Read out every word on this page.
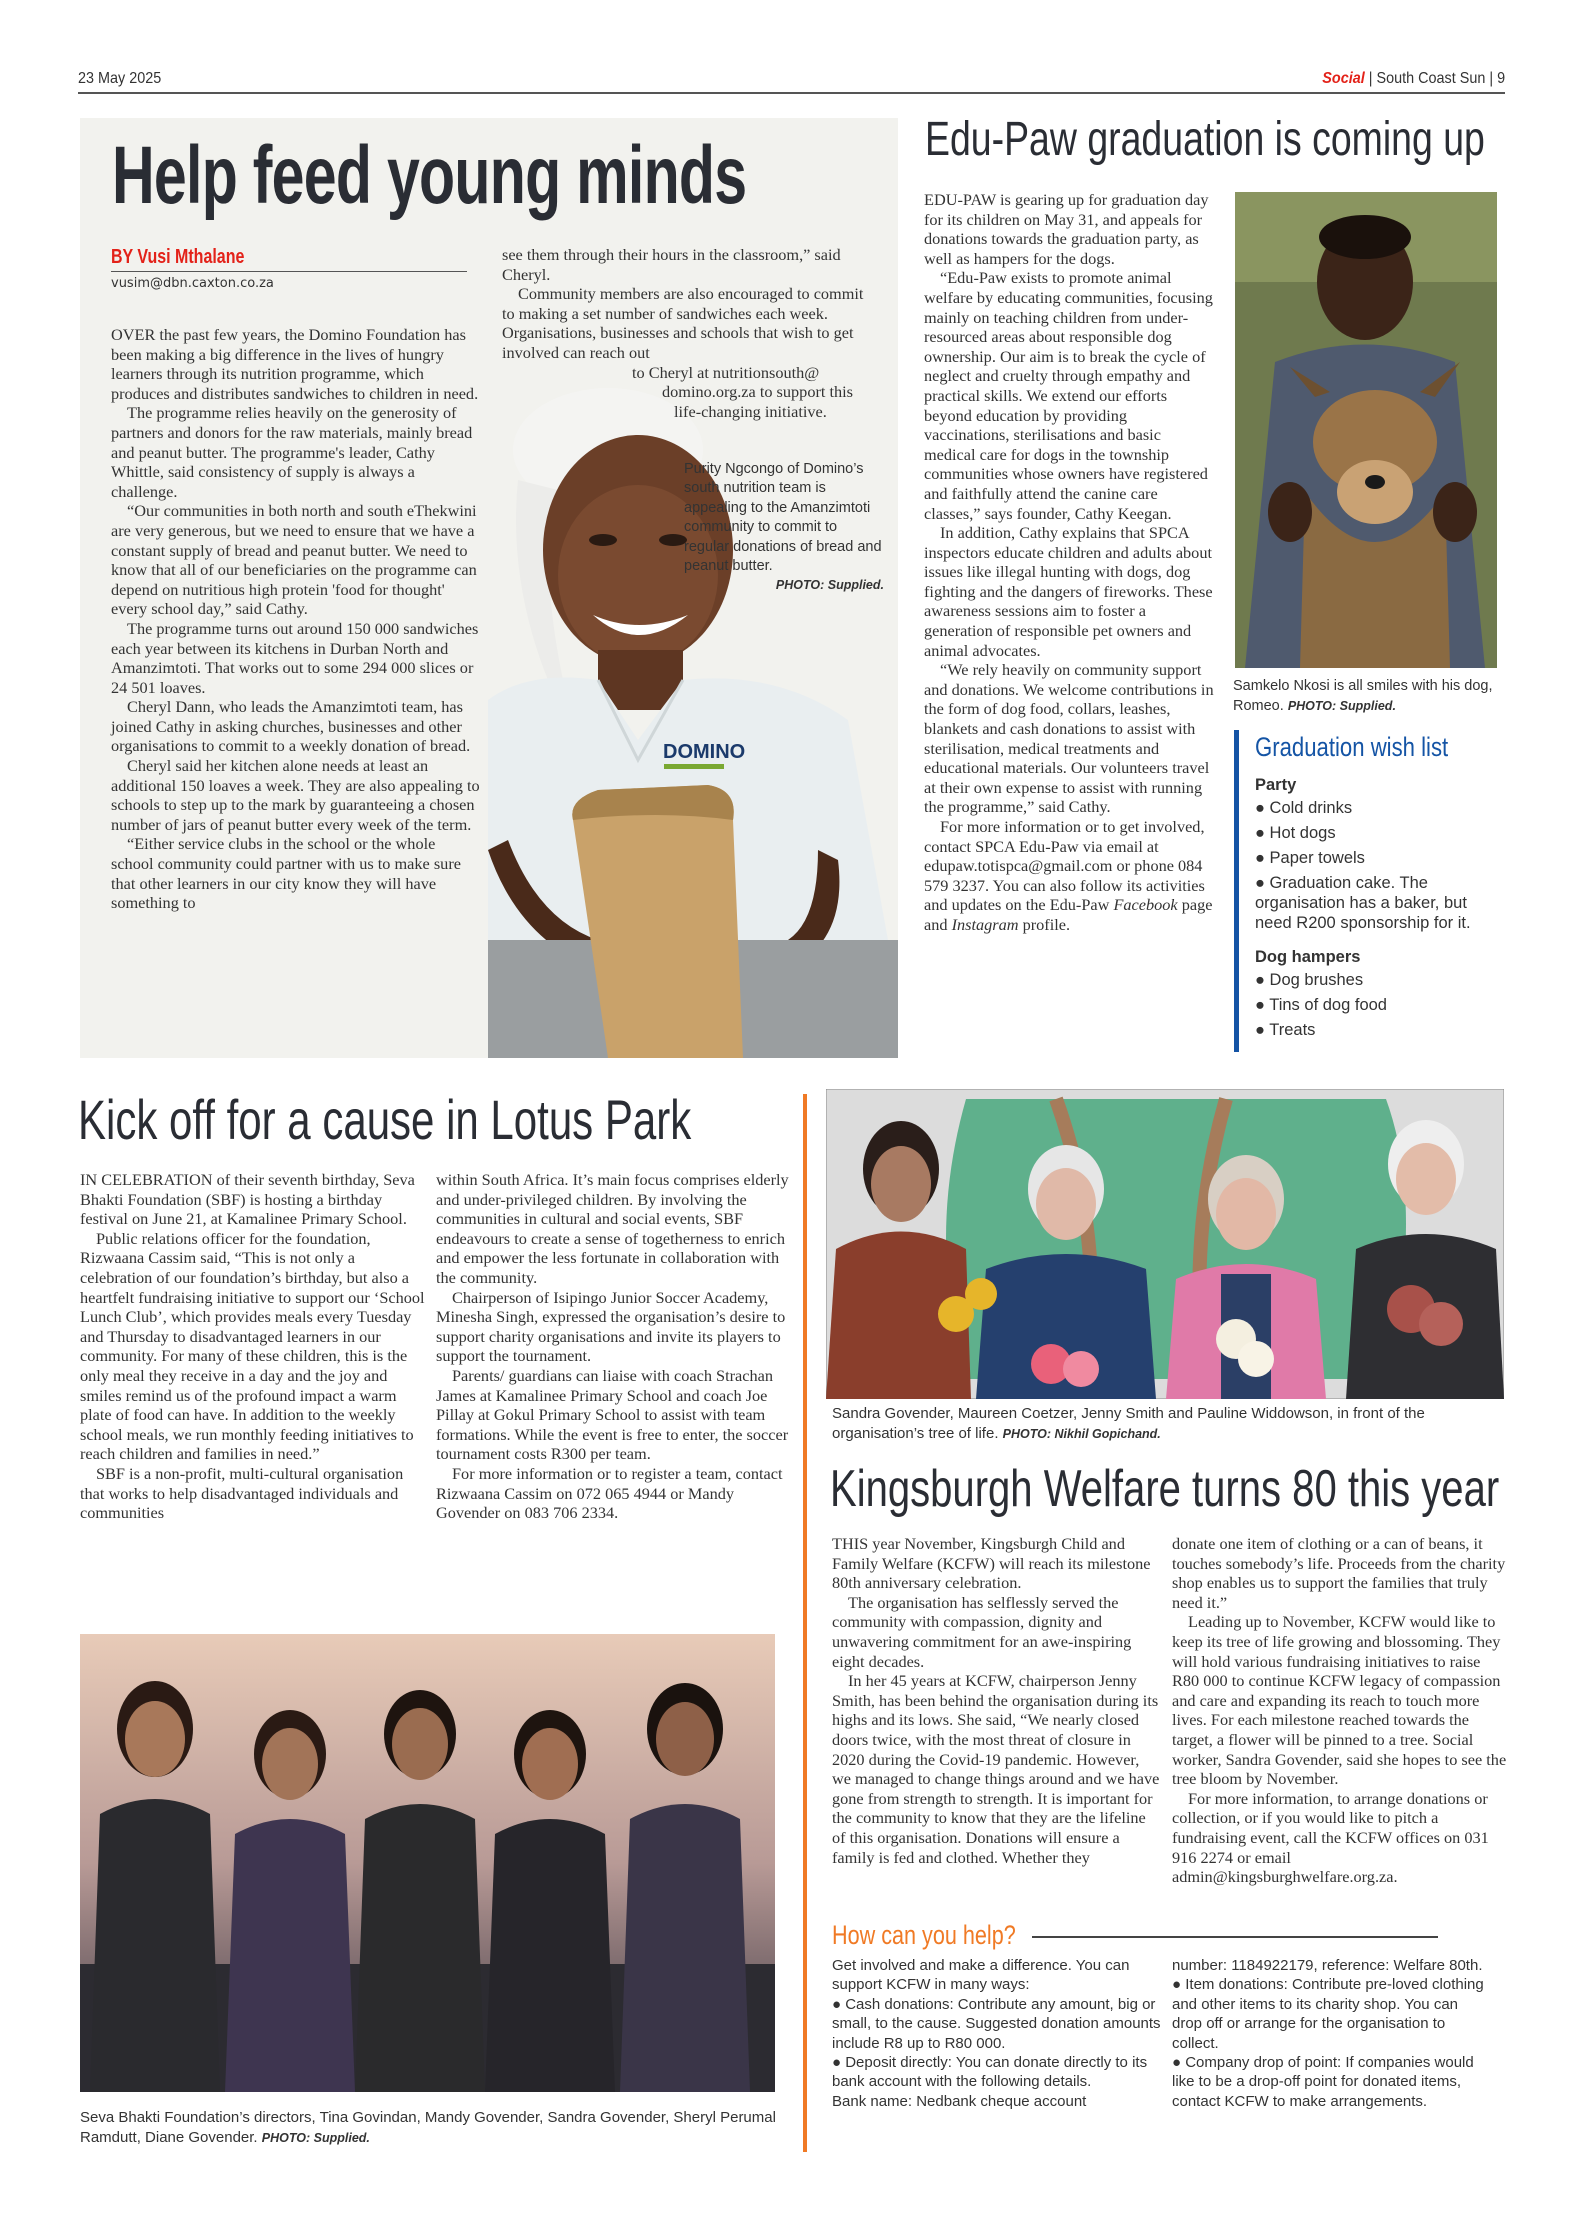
23 May 2025	Social | South Coast Sun | 9
DOMINO
Help feed young minds
BY Vusi Mthalane
vusim@dbn.caxton.co.za

OVER the past few years, the Domino Foundation has been making a big difference in the lives of hungry learners through its nutrition programme, which produces and distributes sandwiches to children in need.

The programme relies heavily on the generosity of partners and donors for the raw materials, mainly bread and peanut butter. The programme's leader, Cathy Whittle, said consistency of supply is always a challenge.

“Our communities in both north and south eThekwini are very generous, but we need to ensure that we have a constant supply of bread and peanut butter. We need to know that all of our beneficiaries on the programme can depend on nutritious high protein 'food for thought' every school day,” said Cathy.

The programme turns out around 150 000 sandwiches each year between its kitchens in Durban North and Amanzimtoti. That works out to some 294 000 slices or 24 501 loaves.

Cheryl Dann, who leads the Amanzimtoti team, has joined Cathy in asking churches, businesses and other organisations to commit to a weekly donation of bread.

Cheryl said her kitchen alone needs at least an additional 150 loaves a week. They are also appealing to schools to step up to the mark by guaranteeing a chosen number of jars of peanut butter every week of the term.

“Either service clubs in the school or the whole school community could partner with us to make sure that other learners in our city know they will have something to

see them through their hours in the classroom,” said Cheryl.

Community members are also encouraged to commit to making a set number of sandwiches each week. Organisations, businesses and schools that wish to get involved can reach out

to Cheryl at nutritionsouth@
domino.org.za to support this
life-changing initiative.
Purity Ngcongo of Domino’s south nutrition team is appealing to the Amanzimtoti community to commit to regular donations of bread and peanut butter.
PHOTO: Supplied.
Edu-Paw graduation is coming up

EDU-PAW is gearing up for graduation day for its children on May 31, and appeals for donations towards the graduation party, as well as hampers for the dogs.

“Edu-Paw exists to promote animal welfare by educating communities, focusing mainly on teaching children from under-resourced areas about responsible dog ownership. Our aim is to break the cycle of neglect and cruelty through empathy and practical skills. We extend our efforts beyond education by providing vaccinations, sterilisations and basic medical care for dogs in the township communities whose owners have registered and faithfully attend the canine care classes,” says founder, Cathy Keegan.

In addition, Cathy explains that SPCA inspectors educate children and adults about issues like illegal hunting with dogs, dog fighting and the dangers of fireworks. These awareness sessions aim to foster a generation of responsible pet owners and animal advocates.

“We rely heavily on community support and donations. We welcome contributions in the form of dog food, collars, leashes, blankets and cash donations to assist with sterilisation, medical treatments and educational materials. Our volunteers travel at their own expense to assist with running the programme,” said Cathy.

For more information or to get involved, contact SPCA Edu-Paw via email at edupaw.totispca@gmail.com or phone 084 579 3237. You can also follow its activities and updates on the Edu-Paw Facebook page and Instagram profile.

Samkelo Nkosi is all smiles with his dog, Romeo. PHOTO: Supplied.
Graduation wish list
Party
● Cold drinks
● Hot dogs
● Paper towels
● Graduation cake. The organisation has a baker, but need R200 sponsorship for it.
Dog hampers
● Dog brushes
● Tins of dog food
● Treats
Kick off for a cause in Lotus Park

IN CELEBRATION of their seventh birthday, Seva Bhakti Foundation (SBF) is hosting a birthday festival on June 21, at Kamalinee Primary School.

Public relations officer for the foundation, Rizwaana Cassim said, “This is not only a celebration of our foundation’s birthday, but also a heartfelt fundraising initiative to support our ‘School Lunch Club’, which provides meals every Tuesday and Thursday to disadvantaged learners in our community. For many of these children, this is the only meal they receive in a day and the joy and smiles remind us of the profound impact a warm plate of food can have. In addition to the weekly school meals, we run monthly feeding initiatives to reach children and families in need.”

SBF is a non-profit, multi-cultural organisation that works to help disadvantaged individuals and communities

within South Africa. It’s main focus comprises elderly and under-privileged children. By involving the communities in cultural and social events, SBF endeavours to create a sense of togetherness to enrich and empower the less fortunate in collaboration with the community.

Chairperson of Isipingo Junior Soccer Academy, Minesha Singh, expressed the organisation’s desire to support charity organisations and invite its players to support the tournament.

Parents/ guardians can liaise with coach Strachan James at Kamalinee Primary School and coach Joe Pillay at Gokul Primary School to assist with team formations. While the event is free to enter, the soccer tournament costs R300 per team.

For more information or to register a team, contact Rizwaana Cassim on 072 065 4944 or Mandy Govender on 083 706 2334.

Seva Bhakti Foundation’s directors, Tina Govindan, Mandy Govender, Sandra Govender, Sheryl Perumal Ramdutt, Diane Govender. PHOTO: Supplied.
Sandra Govender, Maureen Coetzer, Jenny Smith and Pauline Widdowson, in front of the organisation’s tree of life. PHOTO: Nikhil Gopichand.
Kingsburgh Welfare turns 80 this year

THIS year November, Kingsburgh Child and Family Welfare (KCFW) will reach its milestone 80th anniversary celebration.

The organisation has selflessly served the community with compassion, dignity and unwavering commitment for an awe-inspiring eight decades.

In her 45 years at KCFW, chairperson Jenny Smith, has been behind the organisation during its highs and its lows. She said, “We nearly closed doors twice, with the most threat of closure in 2020 during the Covid-19 pandemic. However, we managed to change things around and we have gone from strength to strength. It is important for the community to know that they are the lifeline of this organisation. Donations will ensure a family is fed and clothed. Whether they

donate one item of clothing or a can of beans, it touches somebody’s life. Proceeds from the charity shop enables us to support the families that truly need it.”

Leading up to November, KCFW would like to keep its tree of life growing and blossoming. They will hold various fundraising initiatives to raise R80 000 to continue KCFW legacy of compassion and care and expanding its reach to touch more lives. For each milestone reached towards the target, a flower will be pinned to a tree. Social worker, Sandra Govender, said she hopes to see the tree bloom by November.

For more information, to arrange donations or collection, or if you would like to pitch a fundraising event, call the KCFW offices on 031 916 2274 or email admin@kingsburghwelfare.org.za.

How can you help?
Get involved and make a difference. You can support KCFW in many ways:
● Cash donations: Contribute any amount, big or small, to the cause. Suggested donation amounts include R8 up to R80 000.
● Deposit directly: You can donate directly to its bank account with the following details.
Bank name: Nedbank cheque account
number: 1184922179, reference: Welfare 80th.
● Item donations: Contribute pre-loved clothing and other items to its charity shop. You can drop off or arrange for the organisation to collect.
● Company drop of point: If companies would like to be a drop-off point for donated items, contact KCFW to make arrangements.
